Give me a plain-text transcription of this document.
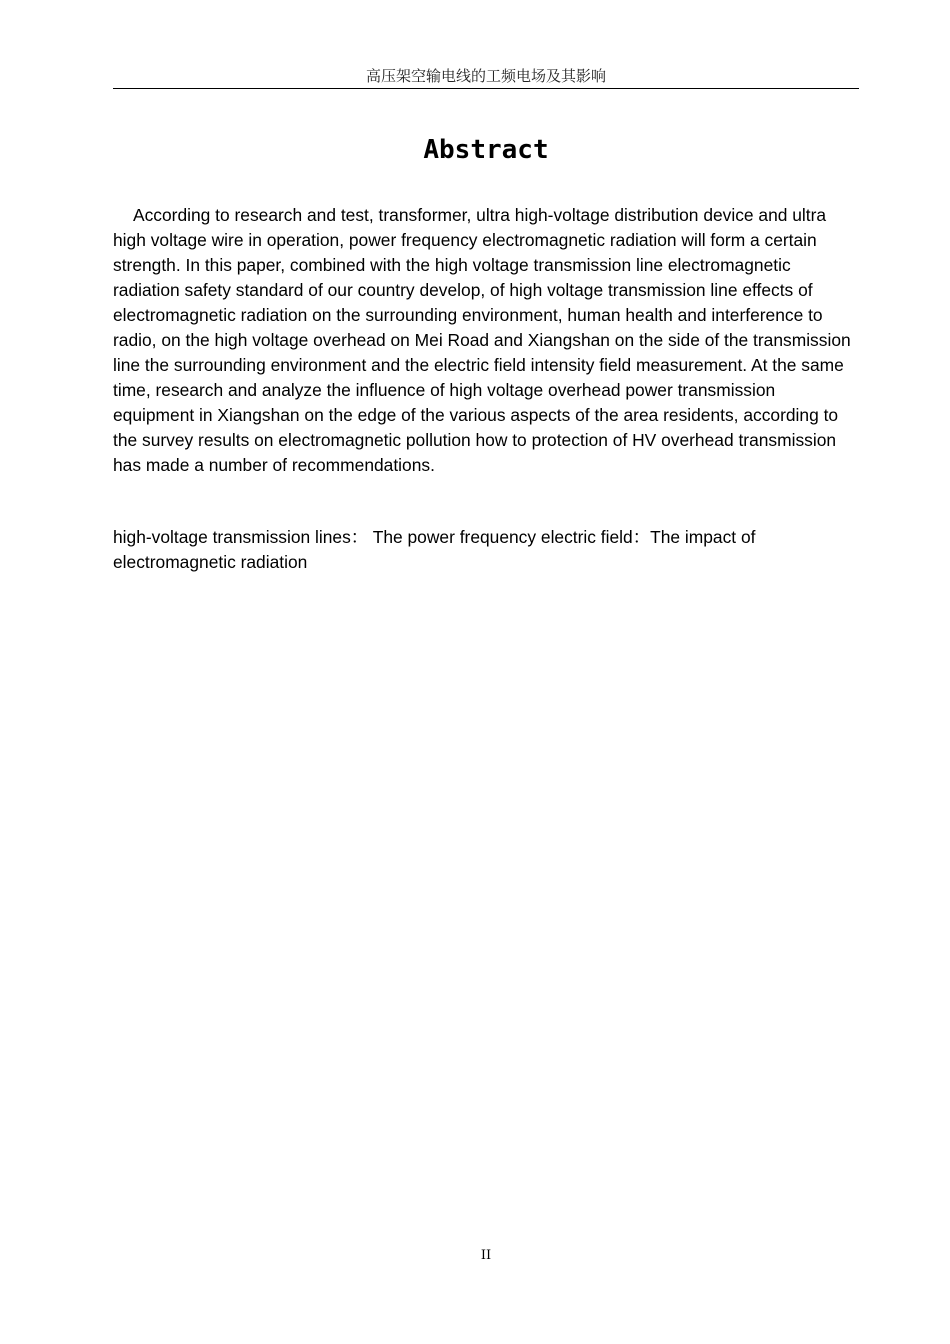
高压架空输电线的工频电场及其影响
Abstract

According to research and test, transformer, ultra high-voltage distribution device and ultra high voltage wire in operation, power frequency electromagnetic radiation will form a certain strength. In this paper, combined with the high voltage transmission line electromagnetic radiation safety standard of our country develop, of high voltage transmission line effects of electromagnetic radiation on the surrounding environment, human health and interference to radio, on the high voltage overhead on Mei Road and Xiangshan on the side of the transmission line the surrounding environment and the electric field intensity field measurement. At the same time, research and analyze the influence of high voltage overhead power transmission equipment in Xiangshan on the edge of the various aspects of the area residents, according to the survey results on electromagnetic pollution how to protection of HV overhead transmission has made a number of recommendations.

high-voltage transmission lines： The power frequency electric field：The impact of electromagnetic radiation

II
